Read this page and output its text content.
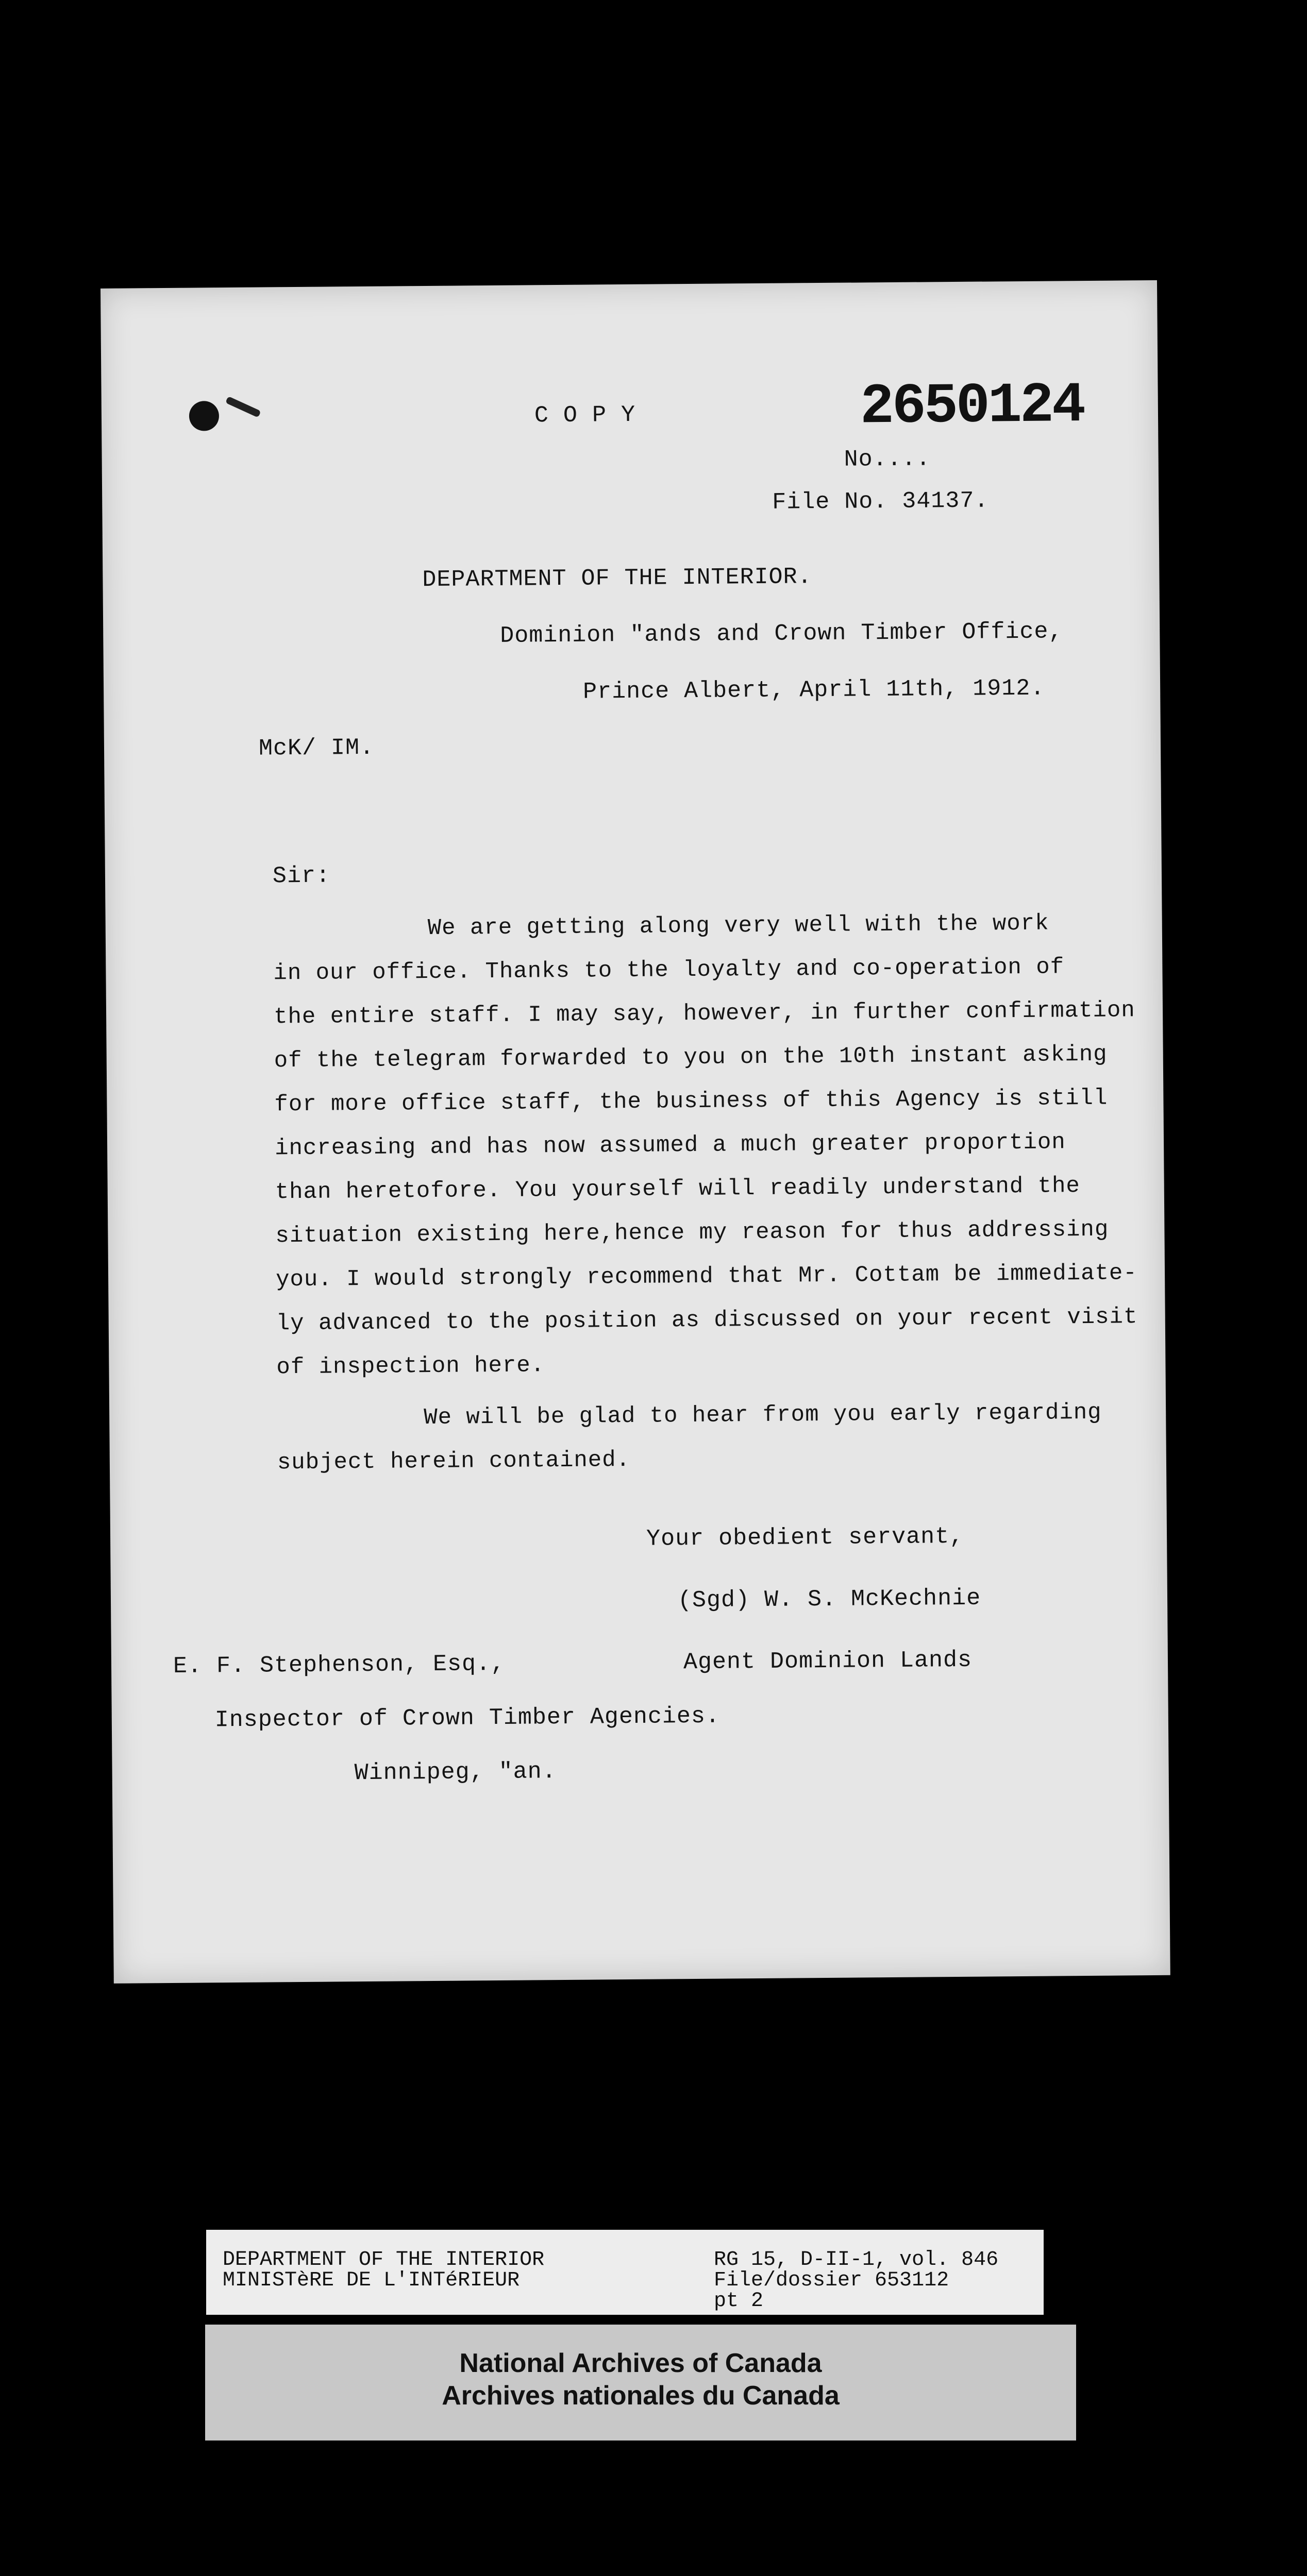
C O P Y	2650124
No....
File No. 34137.
DEPARTMENT OF THE INTERIOR.
Dominion "ands and Crown Timber Office,
Prince Albert, April 11th, 1912.
McK/ IM.
Sir:
We are getting along very well with the work
in our office. Thanks to the loyalty and co-operation of
the entire staff. I may say, however, in further confirmation
of the telegram forwarded to you on the 10th instant asking
for more office staff, the business of this Agency is still
increasing and has now assumed a much greater proportion
than heretofore. You yourself will readily understand the
situation existing here,hence my reason for thus addressing
you. I would strongly recommend that Mr. Cottam be immediate-
ly advanced to the position as discussed on your recent visit
of inspection here.
We will be glad to hear from you early regarding
subject herein contained.
Your obedient servant,
(Sgd) W. S. McKechnie
Agent Dominion Lands
E. F. Stephenson, Esq.,
Inspector of Crown Timber Agencies.
Winnipeg, "an.
DEPARTMENT OF THE INTERIOR
MINISTèRE DE L'INTéRIEUR
RG 15, D-II-1, vol. 846
File/dossier 653112
pt 2
National Archives of Canada
Archives nationales du Canada
